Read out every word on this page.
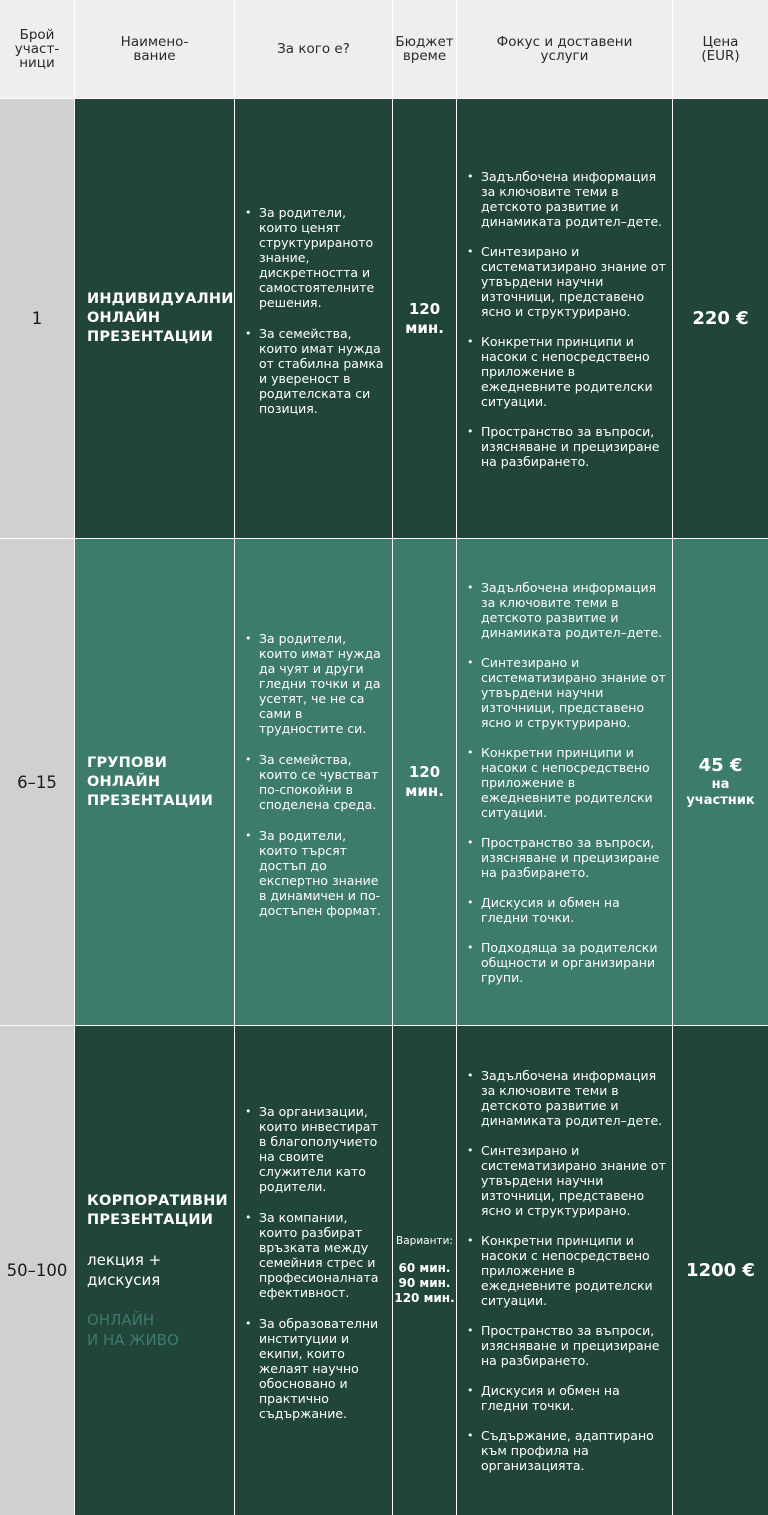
Брой
участ-
ници
Наимено-
вание	За кого е?	Бюджет
време
Фокус и доставени
услуги
Цена
(EUR)
1
ИНДИВИДУАЛНИ
ОНЛАЙН
ПРЕЗЕНТАЦИИ
• За родители, които ценят структурираното знание, дискретността и самостоятелните решения.
• За семейства, които имат нужда от стабилна рамка и увереност в родителската си позиция.
120
мин.
• Задълбочена информация за ключовите теми в детското развитие и динамиката родител–дете.
• Синтезирано и систематизирано знание от утвърдени научни източници, представено ясно и структурирано.
• Конкретни принципи и насоки с непосредствено приложение в ежедневните родителски ситуации.
• Пространство за въпроси, изясняване и прецизиране на разбирането.
220 €
6–15
ГРУПОВИ
ОНЛАЙН
ПРЕЗЕНТАЦИИ
• За родители, които имат нужда да чуят и други гледни точки и да усетят, че не са сами в трудностите си.
• За семейства, които се чувстват по-спокойни в споделена среда.
• За родители, които търсят достъп до експертно знание в динамичен и по-достъпен формат.
120
мин.
• Задълбочена информация за ключовите теми в детското развитие и динамиката родител–дете.
• Синтезирано и систематизирано знание от утвърдени научни източници, представено ясно и структурирано.
• Конкретни принципи и насоки с непосредствено приложение в ежедневните родителски ситуации.
• Пространство за въпроси, изясняване и прецизиране на разбирането.
• Дискусия и обмен на гледни точки.
• Подходяща за родителски общности и организирани групи.
45 €
на
участник
50–100
КОРПОРАТИВНИ
ПРЕЗЕНТАЦИИ
лекция +
дискусия
ОНЛАЙН
И НА ЖИВО
• За организации, които инвестират в благополучието на своите служители като родители.
• За компании, които разбират връзката между семейния стрес и професионалната ефективност.
• За образователни институции и екипи, които желаят научно обосновано и практично съдържание.
Варианти:
60 мин.
90 мин.
120 мин.
• Задълбочена информация за ключовите теми в детското развитие и динамиката родител–дете.
• Синтезирано и систематизирано знание от утвърдени научни източници, представено ясно и структурирано.
• Конкретни принципи и насоки с непосредствено приложение в ежедневните родителски ситуации.
• Пространство за въпроси, изясняване и прецизиране на разбирането.
• Дискусия и обмен на гледни точки.
• Съдържание, адаптирано към профила на организацията.
1200 €
